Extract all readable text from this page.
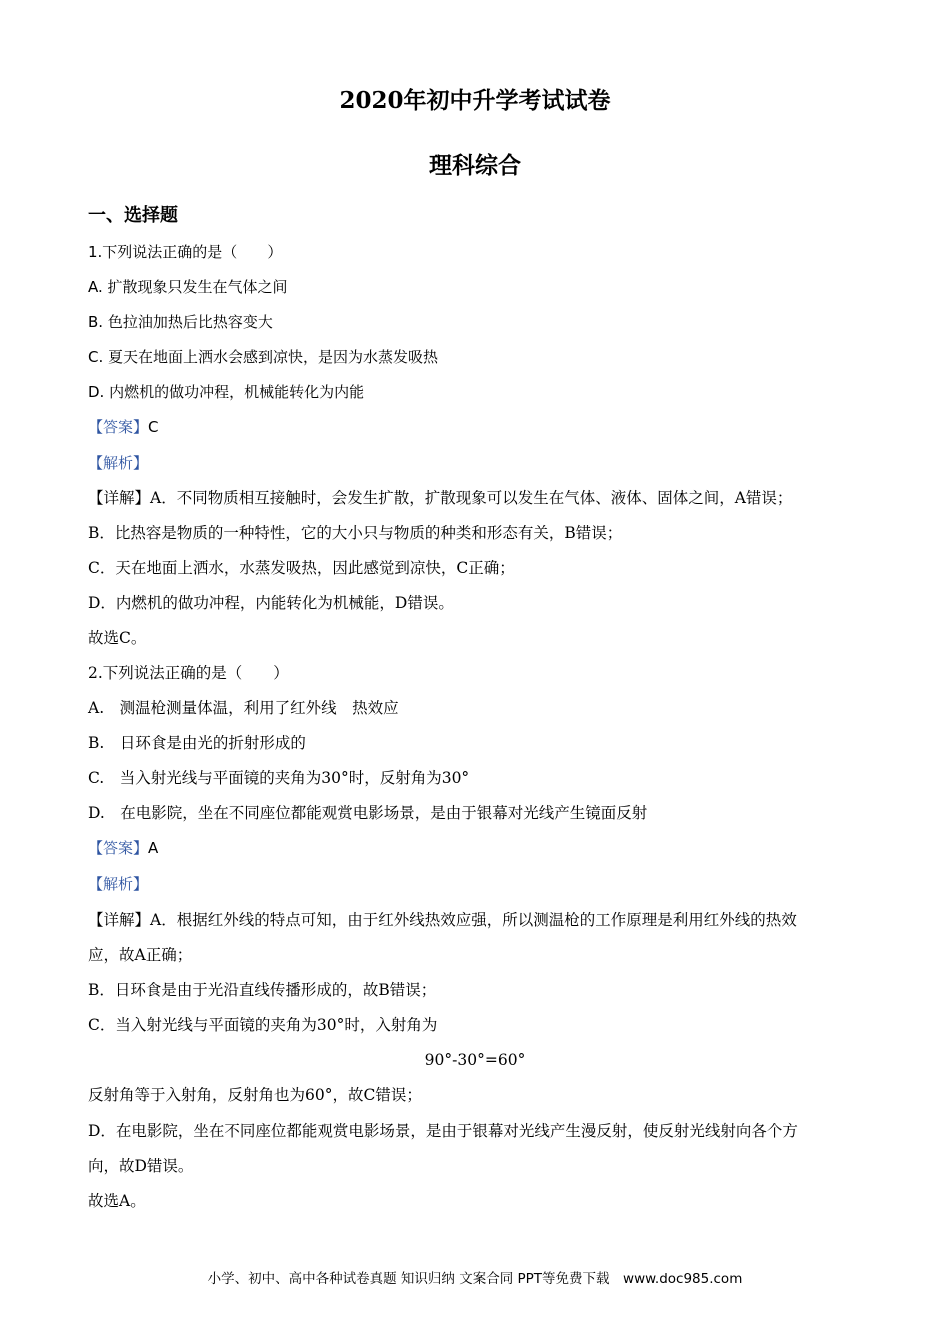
2020年初中升学考试试卷
理科综合
一、选择题
1.下列说法正确的是（　　）
A. 扩散现象只发生在气体之间
B. 色拉油加热后比热容变大
C. 夏天在地面上洒水会感到凉快，是因为水蒸发吸热
D. 内燃机的做功冲程，机械能转化为内能
【答案】C
【解析】
【详解】A．不同物质相互接触时，会发生扩散，扩散现象可以发生在气体、液体、固体之间，A错误；
B．比热容是物质的一种特性，它的大小只与物质的种类和形态有关，B错误；
C．天在地面上洒水，水蒸发吸热，因此感觉到凉快，C正确；
D．内燃机的做功冲程，内能转化为机械能，D错误。
故选C。
2.下列说法正确的是（　　）
A.　测温枪测量体温，利用了红外线　热效应
B.　日环食是由光的折射形成的
C.　当入射光线与平面镜的夹角为30°时，反射角为30°
D.　在电影院，坐在不同座位都能观赏电影场景，是由于银幕对光线产生镜面反射
【答案】A
【解析】
【详解】A．根据红外线的特点可知，由于红外线热效应强，所以测温枪的工作原理是利用红外线的热效
应，故A正确；
B．日环食是由于光沿直线传播形成的，故B错误；
C．当入射光线与平面镜的夹角为30°时，入射角为
90°-30°=60°
反射角等于入射角，反射角也为60°，故C错误；
D．在电影院，坐在不同座位都能观赏电影场景，是由于银幕对光线产生漫反射，使反射光线射向各个方
向，故D错误。
故选A。
小学、初中、高中各种试卷真题 知识归纳 文案合同 PPT等免费下载　www.doc985.com
